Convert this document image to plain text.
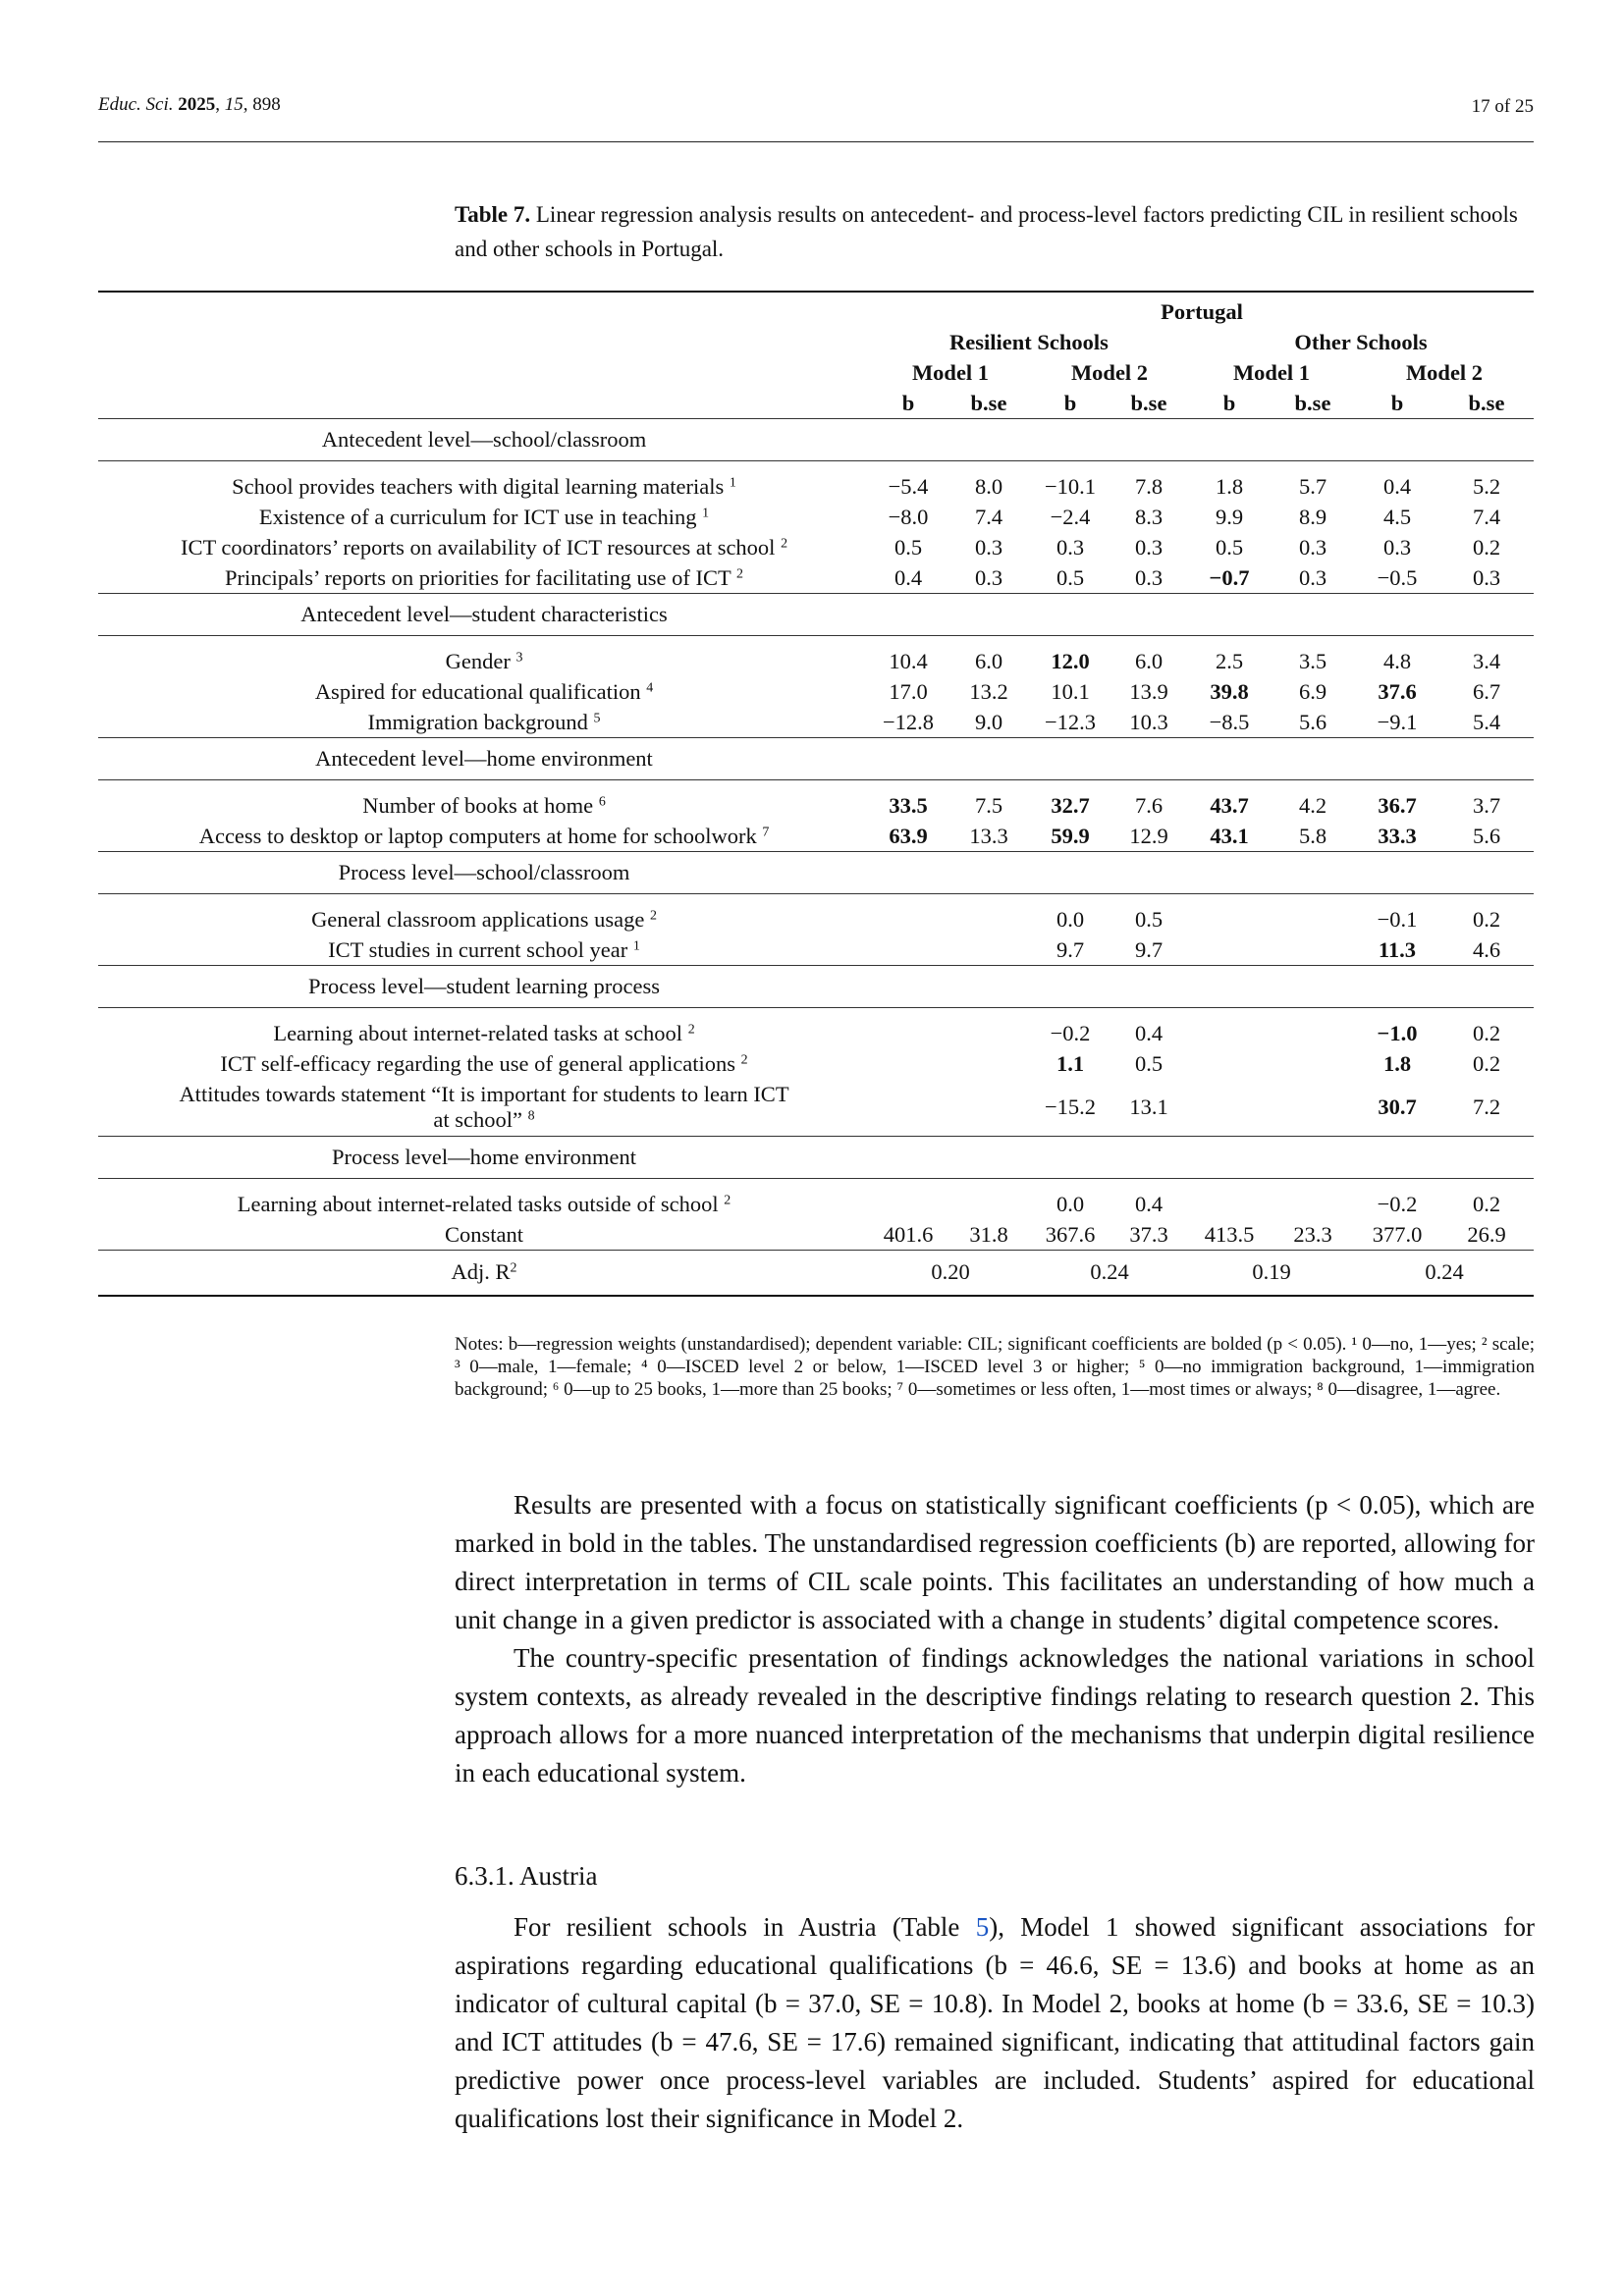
Educ. Sci. 2025, 15, 898	17 of 25
Table 7. Linear regression analysis results on antecedent- and process-level factors predicting CIL in resilient schools and other schools in Portugal.
	Portugal							
	Resilient Schools				Other Schools			
	Model 1		Model 2		Model 1		Model 2	
	b	b.se	b	b.se	b	b.se	b	b.se
Antecedent level—school/classroom								
School provides teachers with digital learning materials $^1$	−5.4	8.0	−10.1	7.8	1.8	5.7	0.4	5.2
Existence of a curriculum for ICT use in teaching $^1$	−8.0	7.4	−2.4	8.3	9.9	8.9	4.5	7.4
ICT coordinators’ reports on availability of ICT resources at school $^2$	0.5	0.3	0.3	0.3	0.5	0.3	0.3	0.2
Principals’ reports on priorities for facilitating use of ICT $^2$	0.4	0.3	0.5	0.3	−0.7	0.3	−0.5	0.3
Antecedent level—student characteristics								
Gender $^3$	10.4	6.0	12.0	6.0	2.5	3.5	4.8	3.4
Aspired for educational qualification $^4$	17.0	13.2	10.1	13.9	39.8	6.9	37.6	6.7
Immigration background $^5$	−12.8	9.0	−12.3	10.3	−8.5	5.6	−9.1	5.4
Antecedent level—home environment								
Number of books at home $^6$	33.5	7.5	32.7	7.6	43.7	4.2	36.7	3.7
Access to desktop or laptop computers at home for schoolwork $^7$	63.9	13.3	59.9	12.9	43.1	5.8	33.3	5.6
Process level—school/classroom								
General classroom applications usage $^2$			0.0	0.5			−0.1	0.2
ICT studies in current school year $^1$			9.7	9.7			11.3	4.6
Process level—student learning process								
Learning about internet-related tasks at school $^2$			−0.2	0.4			−1.0	0.2
ICT self-efficacy regarding the use of general applications $^2$			1.1	0.5			1.8	0.2
Attitudes towards statement “It is important for students to learn ICT
at school” $^8$			−15.2	13.1			30.7	7.2
Process level—home environment								
Learning about internet-related tasks outside of school $^2$			0.0	0.4			−0.2	0.2
Constant	401.6	31.8	367.6	37.3	413.5	23.3	377.0	26.9
Adj. $R^2$	0.20		0.24		0.19		0.24	
Notes: b—regression weights (unstandardised); dependent variable: CIL; significant coefficients are bolded (p < 0.05). ¹ 0—no, 1—yes; ² scale; ³ 0—male, 1—female; ⁴ 0—ISCED level 2 or below, 1—ISCED level 3 or higher; ⁵ 0—no immigration background, 1—immigration background; ⁶ 0—up to 25 books, 1—more than 25 books; ⁷ 0—sometimes or less often, 1—most times or always; ⁸ 0—disagree, 1—agree.

Results are presented with a focus on statistically significant coefficients (p < 0.05), which are marked in bold in the tables. The unstandardised regression coefficients (b) are reported, allowing for direct interpretation in terms of CIL scale points. This facilitates an understanding of how much a unit change in a given predictor is associated with a change in students’ digital competence scores.

The country-specific presentation of findings acknowledges the national variations in school system contexts, as already revealed in the descriptive findings relating to research question 2. This approach allows for a more nuanced interpretation of the mechanisms that underpin digital resilience in each educational system.

6.3.1. Austria

For resilient schools in Austria (Table 5), Model 1 showed significant associations for aspirations regarding educational qualifications (b = 46.6, SE = 13.6) and books at home as an indicator of cultural capital (b = 37.0, SE = 10.8). In Model 2, books at home (b = 33.6, SE = 10.3) and ICT attitudes (b = 47.6, SE = 17.6) remained significant, indicating that attitudinal factors gain predictive power once process-level variables are included. Students’ aspired for educational qualifications lost their significance in Model 2.
